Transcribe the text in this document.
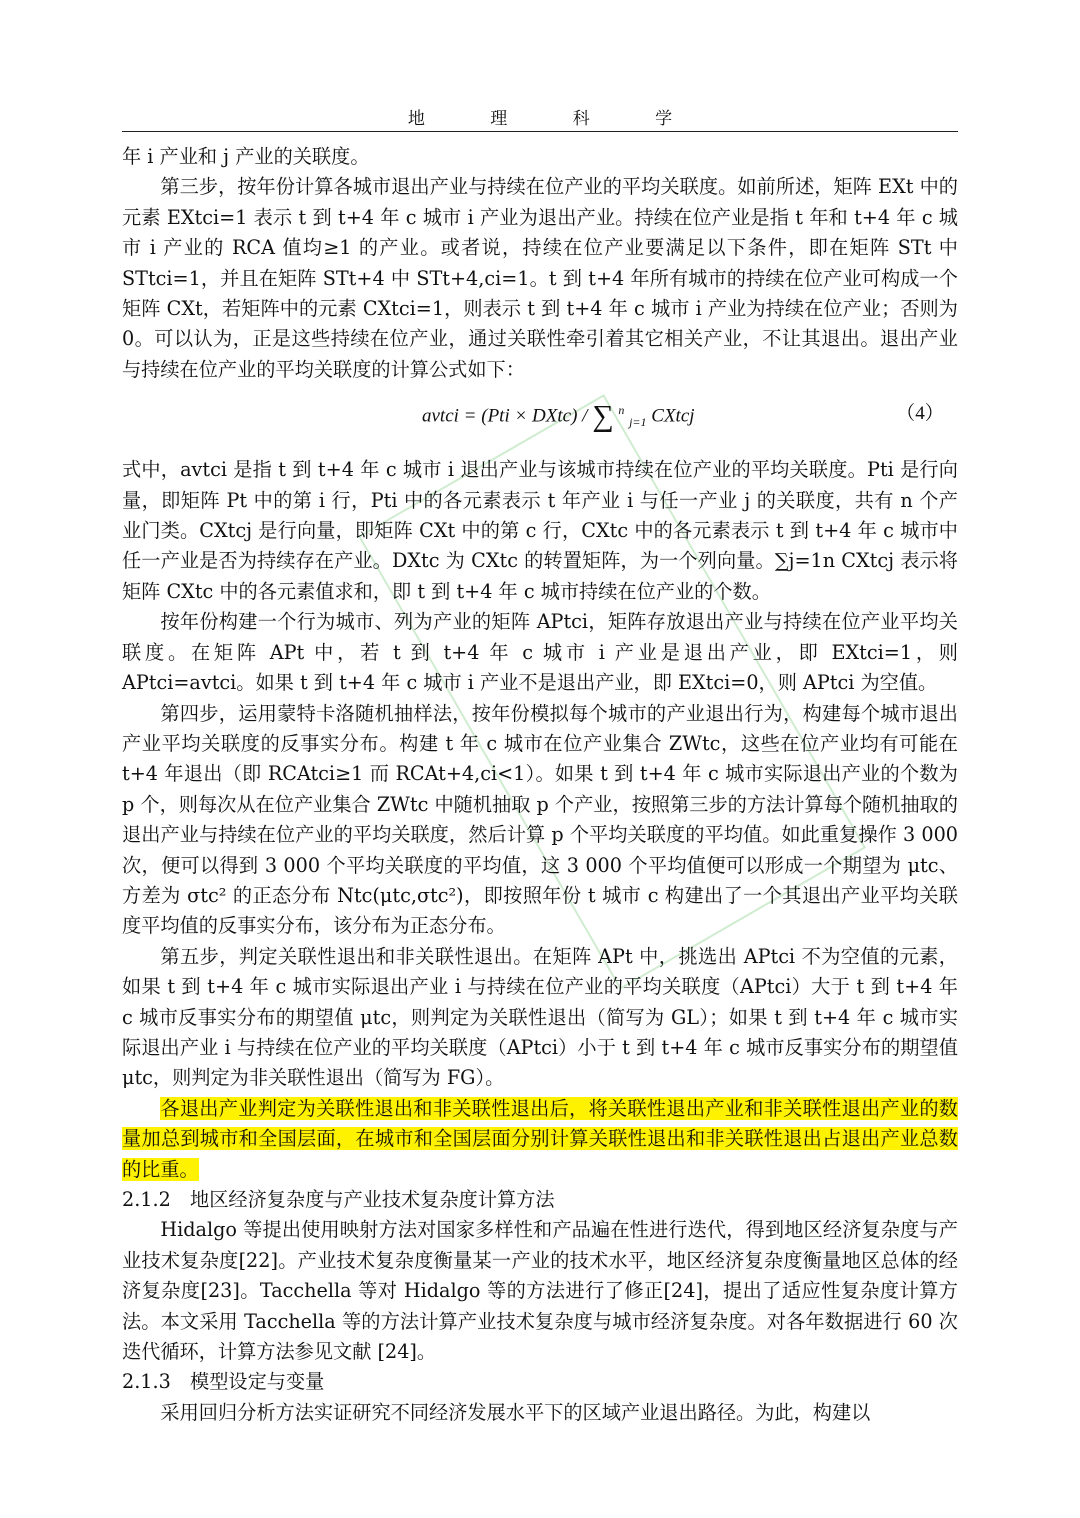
地 理 科 学

年 i 产业和 j 产业的关联度。

第三步，按年份计算各城市退出产业与持续在位产业的平均关联度。如前所述，矩阵 EXt 中的元素 EXtci=1 表示 t 到 t+4 年 c 城市 i 产业为退出产业。持续在位产业是指 t 年和 t+4 年 c 城市 i 产业的 RCA 值均≥1 的产业。或者说，持续在位产业要满足以下条件，即在矩阵 STt 中 STtci=1，并且在矩阵 STt+4 中 STt+4,ci=1。t 到 t+4 年所有城市的持续在位产业可构成一个矩阵 CXt，若矩阵中的元素 CXtci=1，则表示 t 到 t+4 年 c 城市 i 产业为持续在位产业；否则为 0。可以认为，正是这些持续在位产业，通过关联性牵引着其它相关产业，不让其退出。退出产业与持续在位产业的平均关联度的计算公式如下：

avtci = (Pti × DXtc) / ∑ $^n$ $_{j=1}$ CXtcj	（4）

式中，avtci 是指 t 到 t+4 年 c 城市 i 退出产业与该城市持续在位产业的平均关联度。Pti 是行向量，即矩阵 Pt 中的第 i 行，Pti 中的各元素表示 t 年产业 i 与任一产业 j 的关联度，共有 n 个产业门类。CXtcj 是行向量，即矩阵 CXt 中的第 c 行，CXtc 中的各元素表示 t 到 t+4 年 c 城市中任一产业是否为持续存在产业。DXtc 为 CXtc 的转置矩阵，为一个列向量。∑j=1n CXtcj 表示将矩阵 CXtc 中的各元素值求和，即 t 到 t+4 年 c 城市持续在位产业的个数。

按年份构建一个行为城市、列为产业的矩阵 APtci，矩阵存放退出产业与持续在位产业平均关联度。在矩阵 APt 中，若 t 到 t+4 年 c 城市 i 产业是退出产业，即 EXtci=1，则 APtci=avtci。如果 t 到 t+4 年 c 城市 i 产业不是退出产业，即 EXtci=0，则 APtci 为空值。

第四步，运用蒙特卡洛随机抽样法，按年份模拟每个城市的产业退出行为，构建每个城市退出产业平均关联度的反事实分布。构建 t 年 c 城市在位产业集合 ZWtc，这些在位产业均有可能在 t+4 年退出（即 RCAtci≥1 而 RCAt+4,ci<1）。如果 t 到 t+4 年 c 城市实际退出产业的个数为 p 个，则每次从在位产业集合 ZWtc 中随机抽取 p 个产业，按照第三步的方法计算每个随机抽取的退出产业与持续在位产业的平均关联度，然后计算 p 个平均关联度的平均值。如此重复操作 3 000 次，便可以得到 3 000 个平均关联度的平均值，这 3 000 个平均值便可以形成一个期望为 μtc、方差为 σtc² 的正态分布 Ntc(μtc,σtc²)，即按照年份 t 城市 c 构建出了一个其退出产业平均关联度平均值的反事实分布，该分布为正态分布。

第五步，判定关联性退出和非关联性退出。在矩阵 APt 中，挑选出 APtci 不为空值的元素，如果 t 到 t+4 年 c 城市实际退出产业 i 与持续在位产业的平均关联度（APtci）大于 t 到 t+4 年 c 城市反事实分布的期望值 μtc，则判定为关联性退出（简写为 GL）；如果 t 到 t+4 年 c 城市实际退出产业 i 与持续在位产业的平均关联度（APtci）小于 t 到 t+4 年 c 城市反事实分布的期望值 μtc，则判定为非关联性退出（简写为 FG）。

各退出产业判定为关联性退出和非关联性退出后，将关联性退出产业和非关联性退出产业的数量加总到城市和全国层面，在城市和全国层面分别计算关联性退出和非关联性退出占退出产业总数的比重。

2.1.2　地区经济复杂度与产业技术复杂度计算方法

Hidalgo 等提出使用映射方法对国家多样性和产品遍在性进行迭代，得到地区经济复杂度与产业技术复杂度[22]。产业技术复杂度衡量某一产业的技术水平，地区经济复杂度衡量地区总体的经济复杂度[23]。Tacchella 等对 Hidalgo 等的方法进行了修正[24]，提出了适应性复杂度计算方法。本文采用 Tacchella 等的方法计算产业技术复杂度与城市经济复杂度。对各年数据进行 60 次迭代循环，计算方法参见文献 [24]。

2.1.3　模型设定与变量

采用回归分析方法实证研究不同经济发展水平下的区域产业退出路径。为此，构建以
